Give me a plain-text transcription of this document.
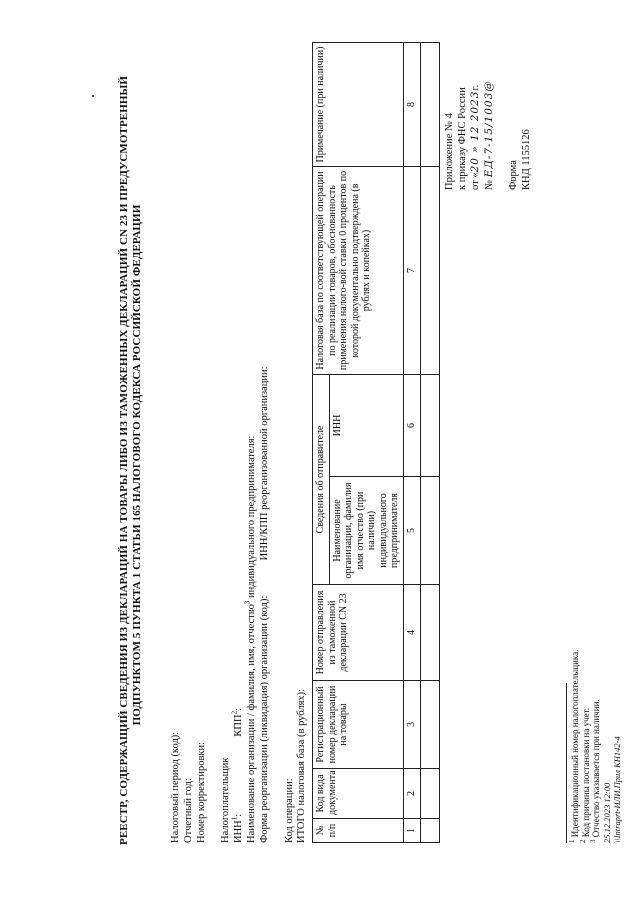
Приложение № 4 к приказу ФНС России от «20 » 12 2023г.
№ ЕД-7-15/1003@ Форма КНД 1155126
РЕЕСТР, СОДЕРЖАЩИЙ СВЕДЕНИЯ ИЗ ДЕКЛАРАЦИЙ НА ТОВАРЫ ЛИБО ИЗ ТАМОЖЕННЫХ ДЕКЛАРАЦИЙ CN 23 И ПРЕДУСМОТРЕННЫЙ ПОДПУНКТОМ 5 ПУНКТА 1 СТАТЬИ 165 НАЛОГОВОГО КОДЕКСА РОССИЙСКОЙ ФЕДЕРАЦИИ
Налоговый период (код): Отчетный год: Номер корректировки: Налогоплательщик ИНН$^1$:  КПП$^2$: Наименование организации / фамилия, имя, отчество$^3$ индивидуального предпринимателя:
Форма реорганизации (ликвидация) организации (код):  ИНН/КПП реорганизованной организации:
Код операции: ИТОГО налоговая база (в рублях): № п/п	Код вида документа	Регистрационный номер декларации на товары	Номер отправления из таможенной декларации CN 23	Сведения об отправителе		Налоговая база по соответствующей операции по реализации товаров, обоснованность применения налого-вой ставки 0 процентов по которой документально подтверждена (в рублях и копейках)	Примечание (при наличии)
				Наименование организации, фамилия имя отчество (при наличии) индивидуального предпринимателя	ИНН		
1	2	3	4	5	6	7	8

$^1$ Идентификационный номер налогоплательщика.
$^2$ Код причины постановки на учет.
$^3$ Отчество указывается при наличии. 25.12.2023 12:00 \\Intraprt-ИЛИ.Прил КН142-4
